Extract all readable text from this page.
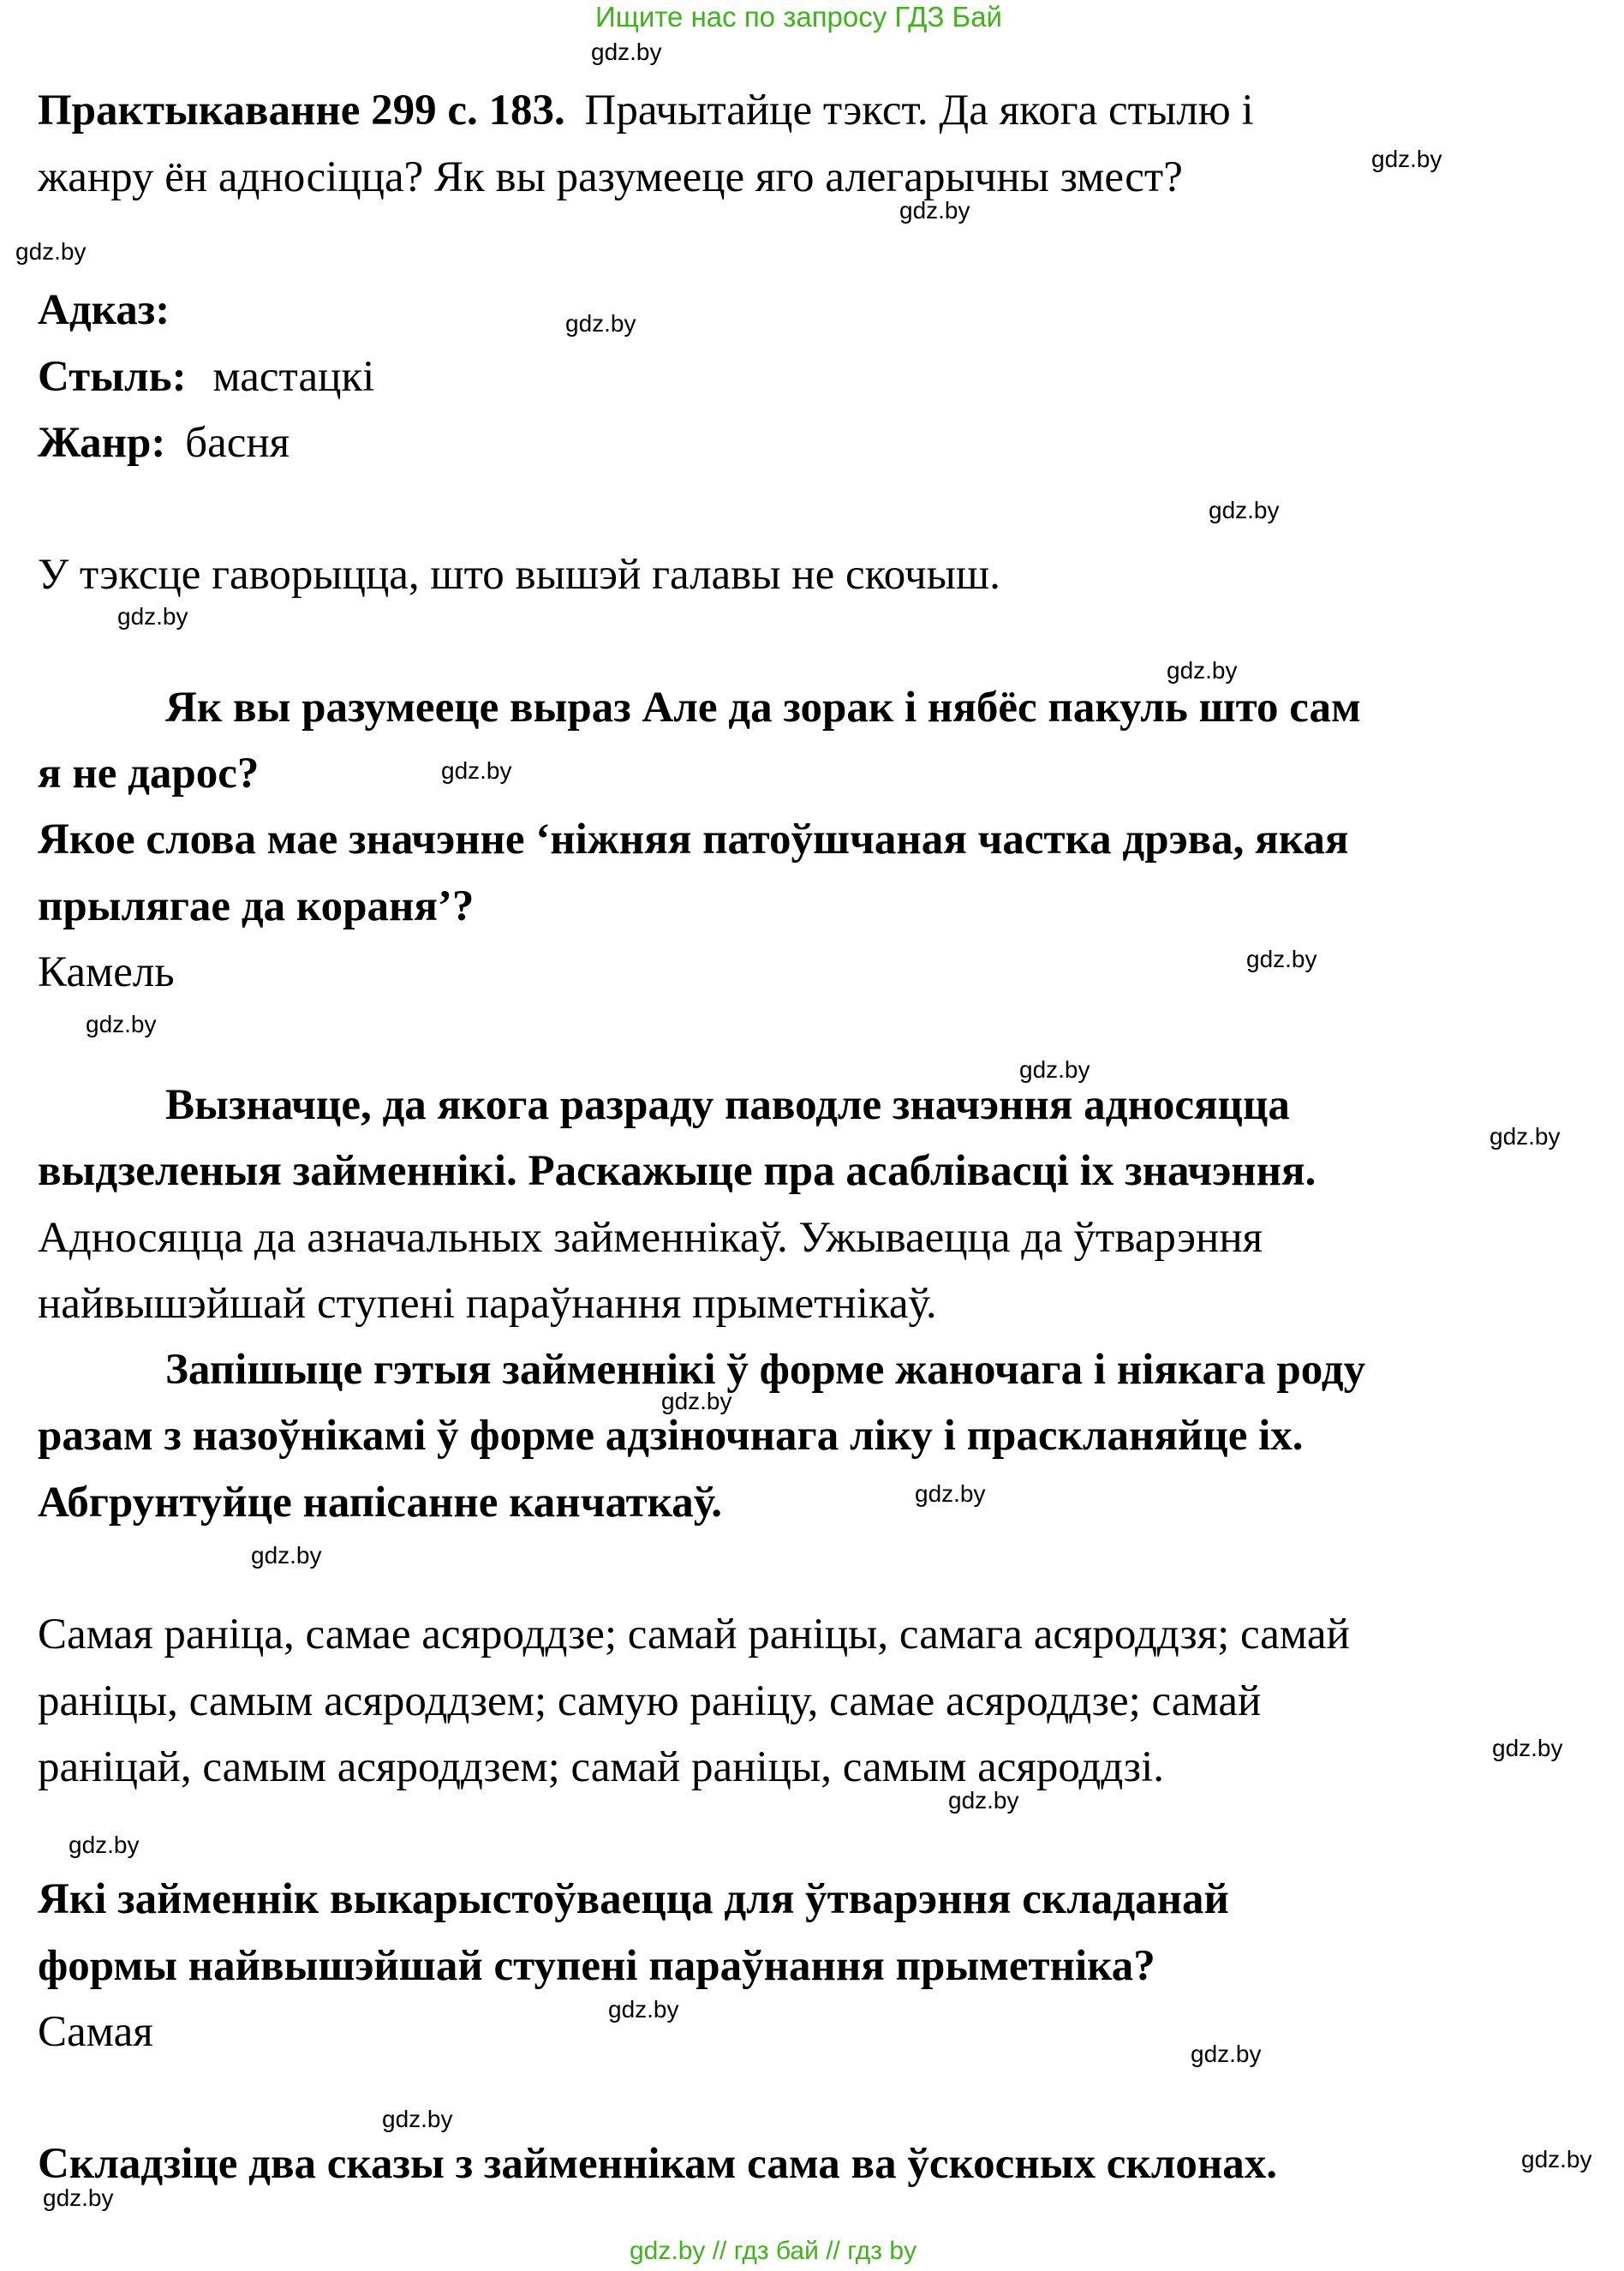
Ищите нас по запросу ГДЗ Бай
gdz.by
gdz.by
gdz.by
gdz.by
gdz.by
gdz.by
gdz.by
gdz.by
gdz.by
gdz.by
gdz.by
gdz.by
gdz.by
gdz.by
gdz.by
gdz.by
gdz.by
gdz.by
gdz.by
gdz.by
gdz.by
gdz.by
gdz.by
gdz.by
Практыкаванне 299 с. 183. Прачытайце тэкст. Да якога стылю і
жанру ён адносіцца? Як вы разумееце яго алегарычны змест?
Адказ:
Стыль: мастацкі
Жанр: басня
У тэксце гаворыцца, што вышэй галавы не скочыш.
Як вы разумееце выраз Але да зорак і нябёс пакуль што сам
я не дарос?
Якое слова мае значэнне ‘ніжняя патоўшчаная частка дрэва, якая
прылягае да кораня’?
Камель
Вызначце, да якога разраду паводле значэння адносяцца
выдзеленыя займеннікі. Раскажыце пра асаблівасці іх значэння.
Адносяцца да азначальных займеннікаў. Ужываецца да ўтварэння
найвышэйшай ступені параўнання прыметнікаў.
Запішыце гэтыя займеннікі ў форме жаночага і ніякага роду
разам з назоўнікамі ў форме адзіночнага ліку і праскланяйце іх.
Абгрунтуйце напісанне канчаткаў.
Самая раніца, самае асяроддзе; самай раніцы, самага асяроддзя; самай
раніцы, самым асяроддзем; самую раніцу, самае асяроддзе; самай
раніцай, самым асяроддзем; самай раніцы, самым асяроддзі.
Які займеннік выкарыстоўваецца для ўтварэння складанай
формы найвышэйшай ступені параўнання прыметніка?
Самая
Складзіце два сказы з займеннікам сама ва ўскосных склонах.
gdz.by // гдз бай // гдз by
